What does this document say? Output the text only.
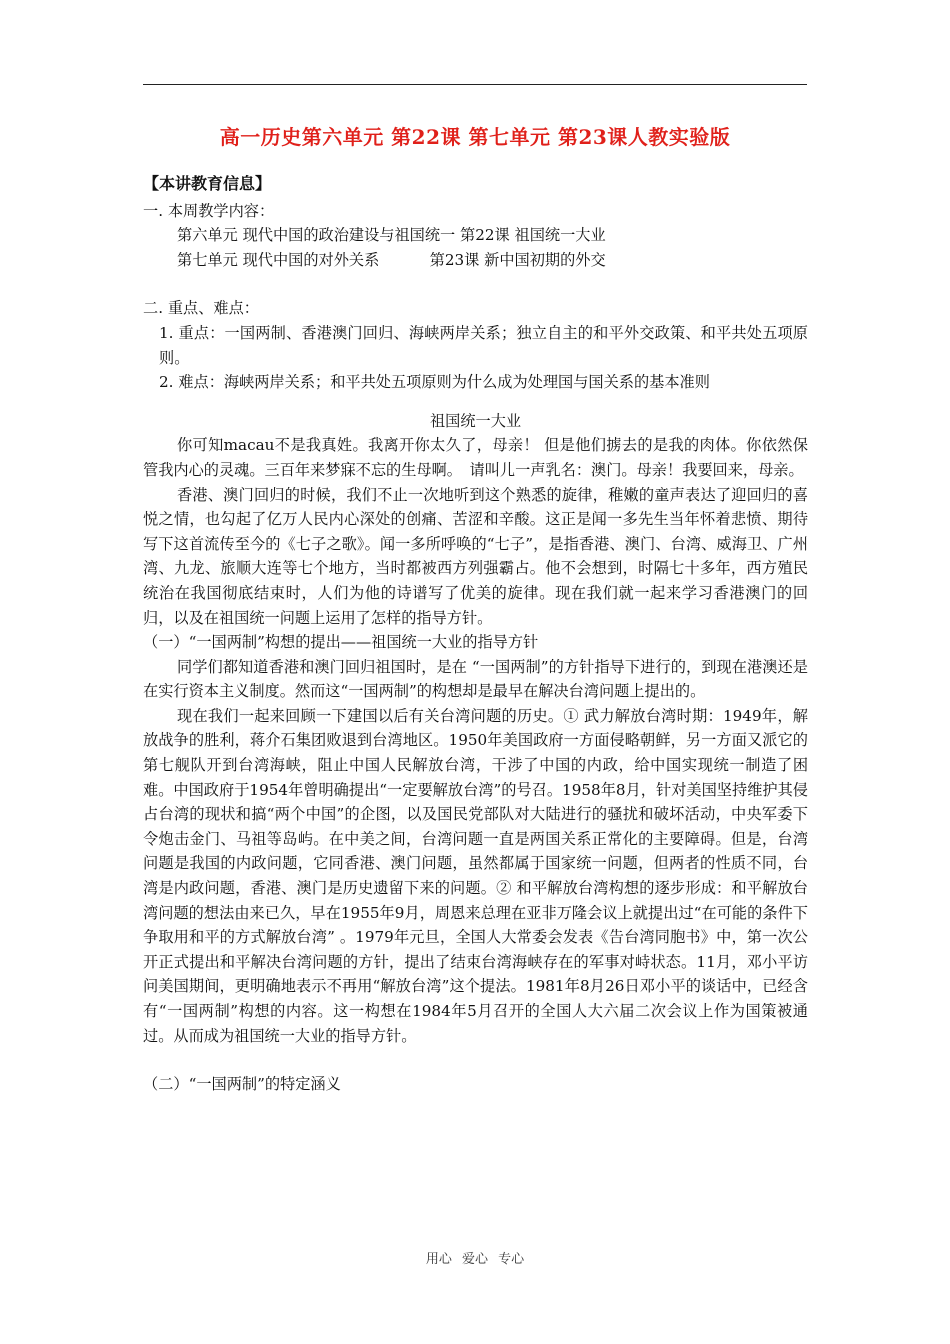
高一历史第六单元 第22课 第七单元 第23课人教实验版

【本讲教育信息】

一. 本周教学内容：

第六单元 现代中国的政治建设与祖国统一 第22课 祖国统一大业

第七单元 现代中国的对外关系 　　　第23课 新中国初期的外交

二. 重点、难点：

1. 重点：一国两制、香港澳门回归、海峡两岸关系；独立自主的和平外交政策、和平共处五项原则。

2. 难点：海峡两岸关系；和平共处五项原则为什么成为处理国与国关系的基本准则

祖国统一大业

你可知macau不是我真姓。我离开你太久了，母亲！ 但是他们掳去的是我的肉体。你依然保管我内心的灵魂。三百年来梦寐不忘的生母啊。　请叫儿一声乳名：澳门。母亲！我要回来，母亲。

香港、澳门回归的时候，我们不止一次地听到这个熟悉的旋律，稚嫩的童声表达了迎回归的喜悦之情，也勾起了亿万人民内心深处的创痛、苦涩和辛酸。这正是闻一多先生当年怀着悲愤、期待写下这首流传至今的《七子之歌》。闻一多所呼唤的“七子”，是指香港、澳门、台湾、威海卫、广州湾、九龙、旅顺大连等七个地方，当时都被西方列强霸占。他不会想到，时隔七十多年，西方殖民统治在我国彻底结束时，人们为他的诗谱写了优美的旋律。现在我们就一起来学习香港澳门的回归，以及在祖国统一问题上运用了怎样的指导方针。

（一）“一国两制”构想的提出——祖国统一大业的指导方针

同学们都知道香港和澳门回归祖国时，是在 “一国两制”的方针指导下进行的，到现在港澳还是在实行资本主义制度。然而这“一国两制”的构想却是最早在解决台湾问题上提出的。

现在我们一起来回顾一下建国以后有关台湾问题的历史。① 武力解放台湾时期：1949年，解放战争的胜利，蒋介石集团败退到台湾地区。1950年美国政府一方面侵略朝鲜，另一方面又派它的第七舰队开到台湾海峡，阻止中国人民解放台湾，干涉了中国的内政，给中国实现统一制造了困难。中国政府于1954年曾明确提出“一定要解放台湾”的号召。1958年8月，针对美国坚持维护其侵占台湾的现状和搞“两个中国”的企图，以及国民党部队对大陆进行的骚扰和破坏活动，中央军委下令炮击金门、马祖等岛屿。在中美之间，台湾问题一直是两国关系正常化的主要障碍。但是，台湾问题是我国的内政问题，它同香港、澳门问题，虽然都属于国家统一问题，但两者的性质不同，台湾是内政问题，香港、澳门是历史遗留下来的问题。② 和平解放台湾构想的逐步形成：和平解放台湾问题的想法由来已久，早在1955年9月，周恩来总理在亚非万隆会议上就提出过“在可能的条件下争取用和平的方式解放台湾” 。1979年元旦，全国人大常委会发表《告台湾同胞书》中，第一次公开正式提出和平解决台湾问题的方针，提出了结束台湾海峡存在的军事对峙状态。11月，邓小平访问美国期间，更明确地表示不再用“解放台湾”这个提法。1981年8月26日邓小平的谈话中，已经含有“一国两制”构想的内容。这一构想在1984年5月召开的全国人大六届二次会议上作为国策被通过。从而成为祖国统一大业的指导方针。

（二）“一国两制”的特定涵义

用心 爱心 专心
